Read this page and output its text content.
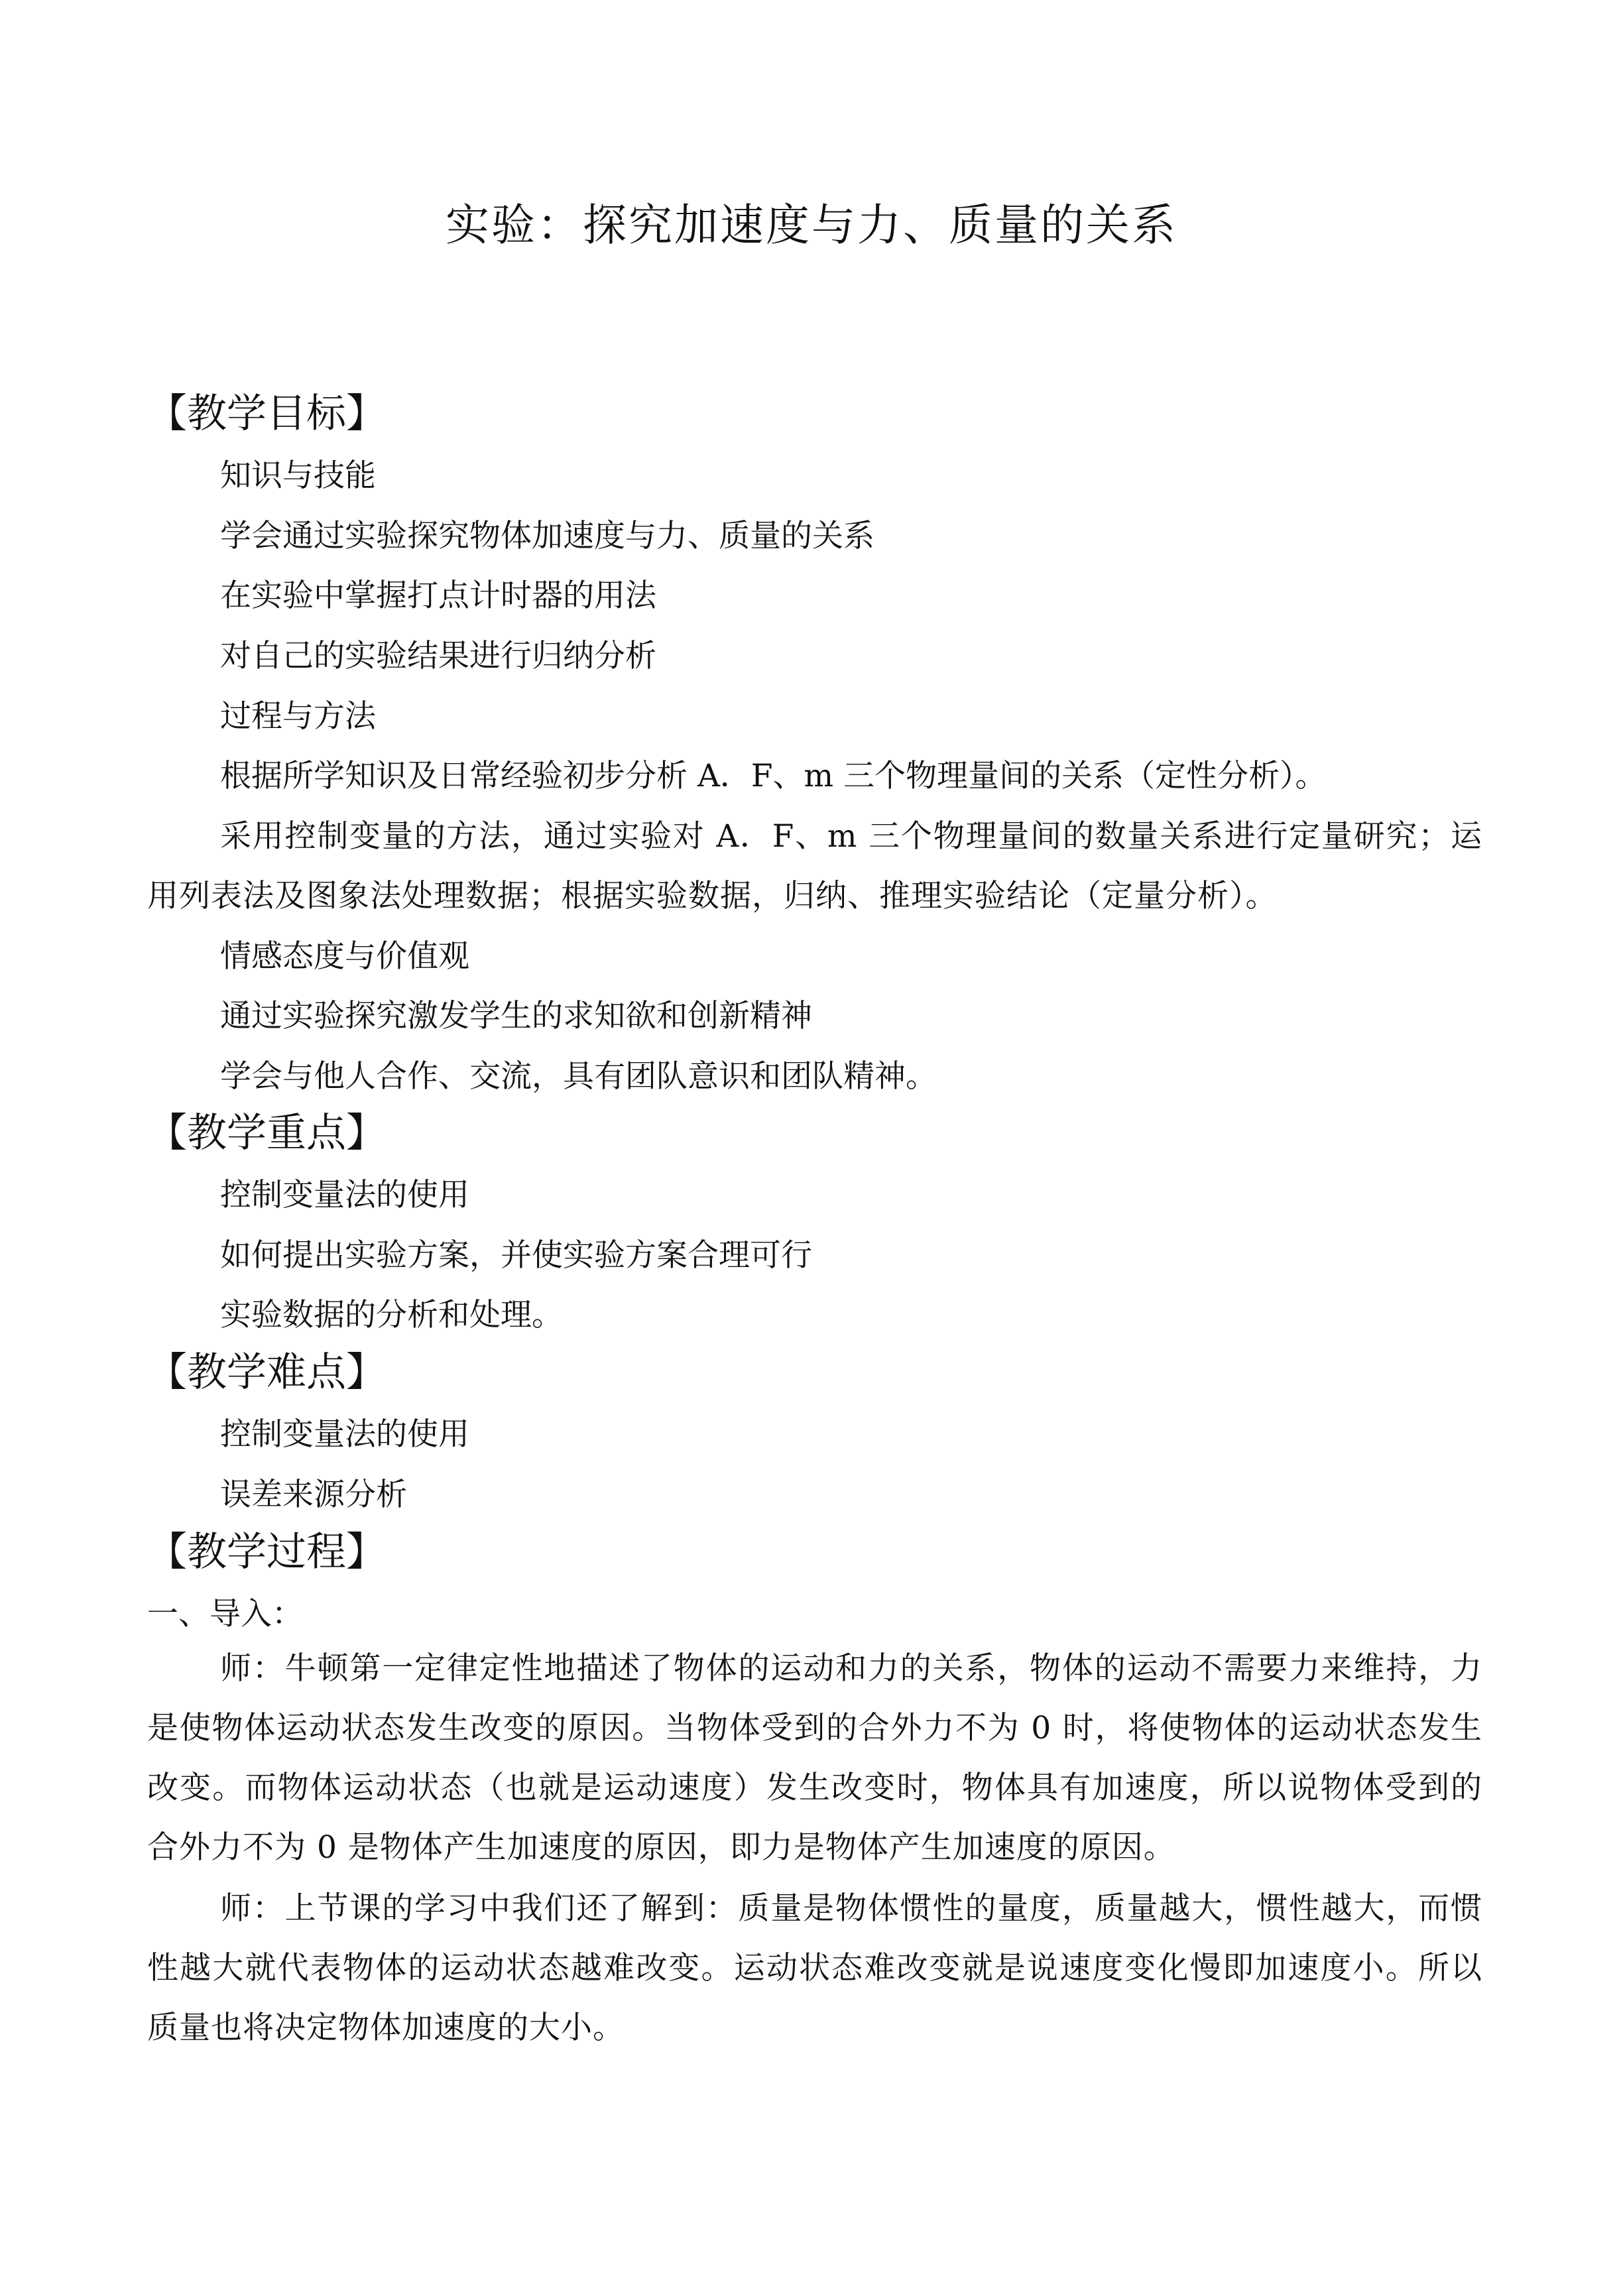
实验：探究加速度与力、质量的关系
【教学目标】
知识与技能
学会通过实验探究物体加速度与力、质量的关系
在实验中掌握打点计时器的用法
对自己的实验结果进行归纳分析
过程与方法
根据所学知识及日常经验初步分析 A．F、m 三个物理量间的关系（定性分析）。
采用控制变量的方法，通过实验对 A．F、m 三个物理量间的数量关系进行定量研究；运用列表法及图象法处理数据；根据实验数据，归纳、推理实验结论（定量分析）。
情感态度与价值观
通过实验探究激发学生的求知欲和创新精神
学会与他人合作、交流，具有团队意识和团队精神。
【教学重点】
控制变量法的使用
如何提出实验方案，并使实验方案合理可行
实验数据的分析和处理。
【教学难点】
控制变量法的使用
误差来源分析
【教学过程】
一、导入：
师：牛顿第一定律定性地描述了物体的运动和力的关系，物体的运动不需要力来维持，力是使物体运动状态发生改变的原因。当物体受到的合外力不为 0 时，将使物体的运动状态发生改变。而物体运动状态（也就是运动速度）发生改变时，物体具有加速度，所以说物体受到的合外力不为 0 是物体产生加速度的原因，即力是物体产生加速度的原因。
师：上节课的学习中我们还了解到：质量是物体惯性的量度，质量越大，惯性越大，而惯性越大就代表物体的运动状态越难改变。运动状态难改变就是说速度变化慢即加速度小。所以质量也将决定物体加速度的大小。
